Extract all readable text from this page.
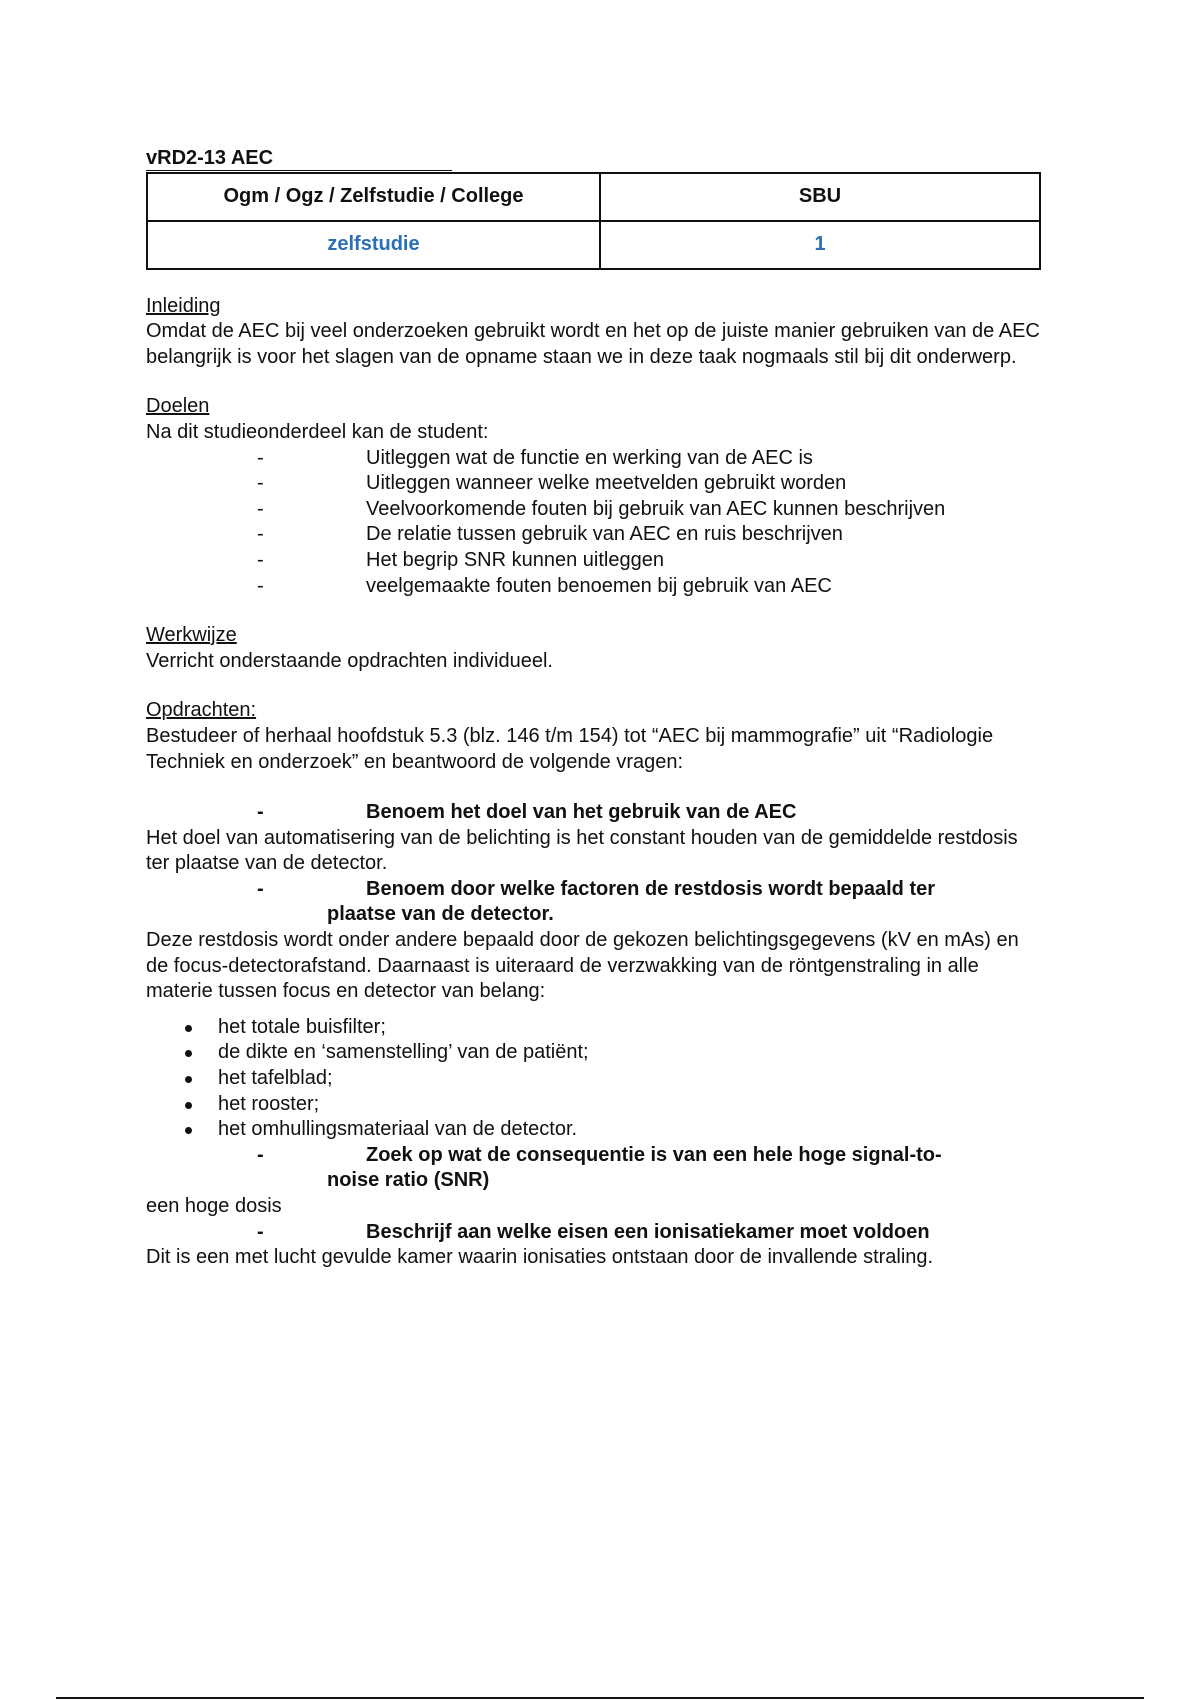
vRD2-13 AEC
Ogm / Ogz / Zelfstudie / College	SBU
zelfstudie	1

Inleiding

Omdat de AEC bij veel onderzoeken gebruikt wordt en het op de juiste manier gebruiken van de AEC belangrijk is voor het slagen van de opname staan we in deze taak nogmaals stil bij dit onderwerp.

Doelen

Na dit studieonderdeel kan de student:

-	Uitleggen wat de functie en werking van de AEC is
-	Uitleggen wanneer welke meetvelden gebruikt worden
-	Veelvoorkomende fouten bij gebruik van AEC kunnen beschrijven
-	De relatie tussen gebruik van AEC en ruis beschrijven
-	Het begrip SNR kunnen uitleggen
-	veelgemaakte fouten benoemen bij gebruik van AEC

Werkwijze

Verricht onderstaande opdrachten individueel.

Opdrachten:

Bestudeer of herhaal hoofdstuk 5.3 (blz. 146 t/m 154) tot “AEC bij mammografie” uit “Radiologie Techniek en onderzoek” en beantwoord de volgende vragen:

-	Benoem het doel van het gebruik van de AEC

Het doel van automatisering van de belichting is het constant houden van de gemiddelde restdosis ter plaatse van de detector.

-	Benoem door welke factoren de restdosis wordt bepaald ter
plaatse van de detector.

Deze restdosis wordt onder andere bepaald door de gekozen belichtingsgegevens (kV en mAs) en de focus-detectorafstand. Daarnaast is uiteraard de verzwakking van de röntgenstraling in alle materie tussen focus en detector van belang:

het totale buisfilter;
de dikte en ‘samenstelling’ van de patiënt;
het tafelblad;
het rooster;
het omhullingsmateriaal van de detector.

-	Zoek op wat de consequentie is van een hele hoge signal-to-
noise ratio (SNR)

een hoge dosis

-	Beschrijf aan welke eisen een ionisatiekamer moet voldoen

Dit is een met lucht gevulde kamer waarin ionisaties ontstaan door de invallende straling.
